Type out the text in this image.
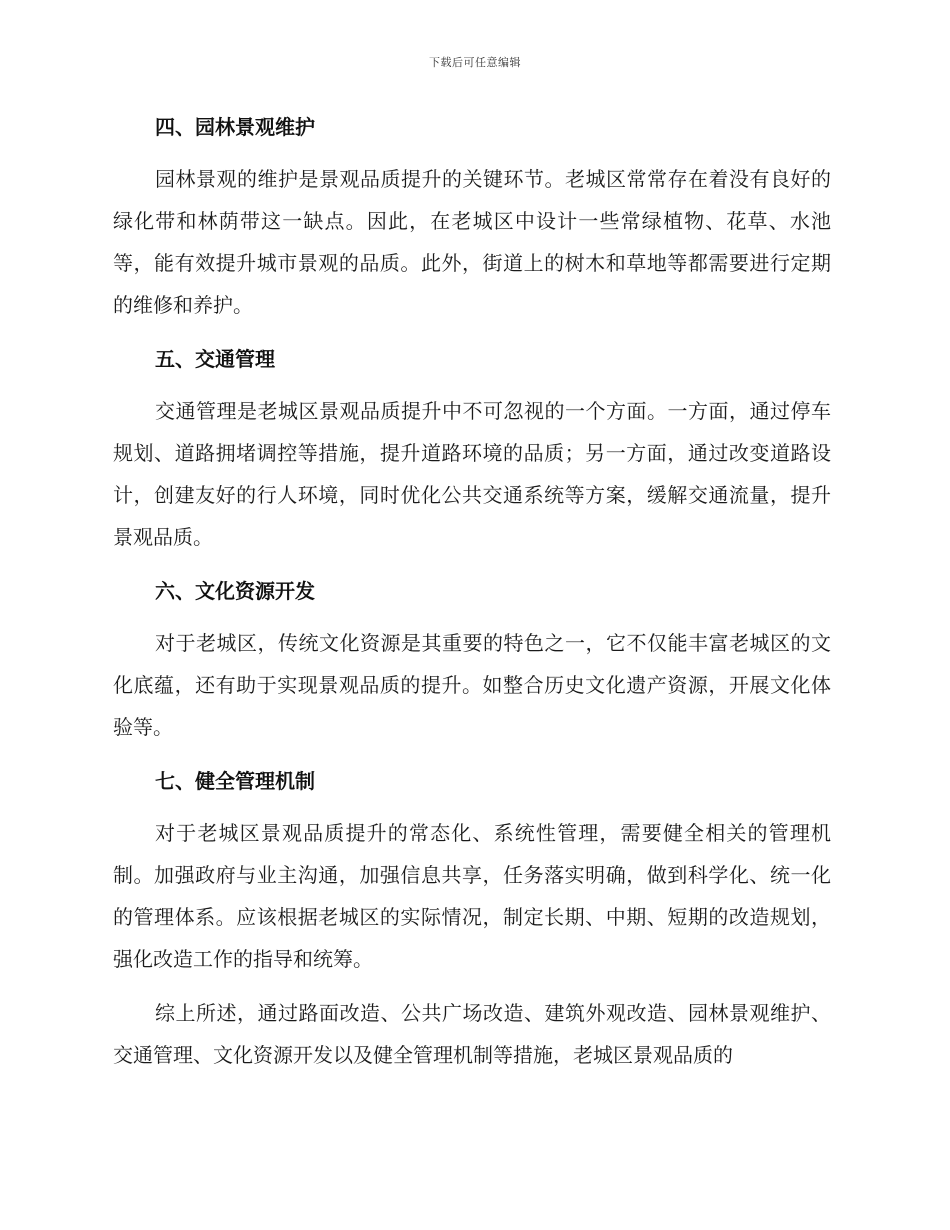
下载后可任意编辑
四、园林景观维护
园林景观的维护是景观品质提升的关键环节。老城区常常存在着没有良好的绿化带和林荫带这一缺点。因此，在老城区中设计一些常绿植物、花草、水池等，能有效提升城市景观的品质。此外，街道上的树木和草地等都需要进行定期的维修和养护。
五、交通管理
交通管理是老城区景观品质提升中不可忽视的一个方面。一方面，通过停车规划、道路拥堵调控等措施，提升道路环境的品质；另一方面，通过改变道路设计，创建友好的行人环境，同时优化公共交通系统等方案，缓解交通流量，提升景观品质。
六、文化资源开发
对于老城区，传统文化资源是其重要的特色之一，它不仅能丰富老城区的文化底蕴，还有助于实现景观品质的提升。如整合历史文化遗产资源，开展文化体验等。
七、健全管理机制
对于老城区景观品质提升的常态化、系统性管理，需要健全相关的管理机制。加强政府与业主沟通，加强信息共享，任务落实明确，做到科学化、统一化的管理体系。应该根据老城区的实际情况，制定长期、中期、短期的改造规划，强化改造工作的指导和统筹。
综上所述，通过路面改造、公共广场改造、建筑外观改造、园林景观维护、交通管理、文化资源开发以及健全管理机制等措施，老城区景观品质的
